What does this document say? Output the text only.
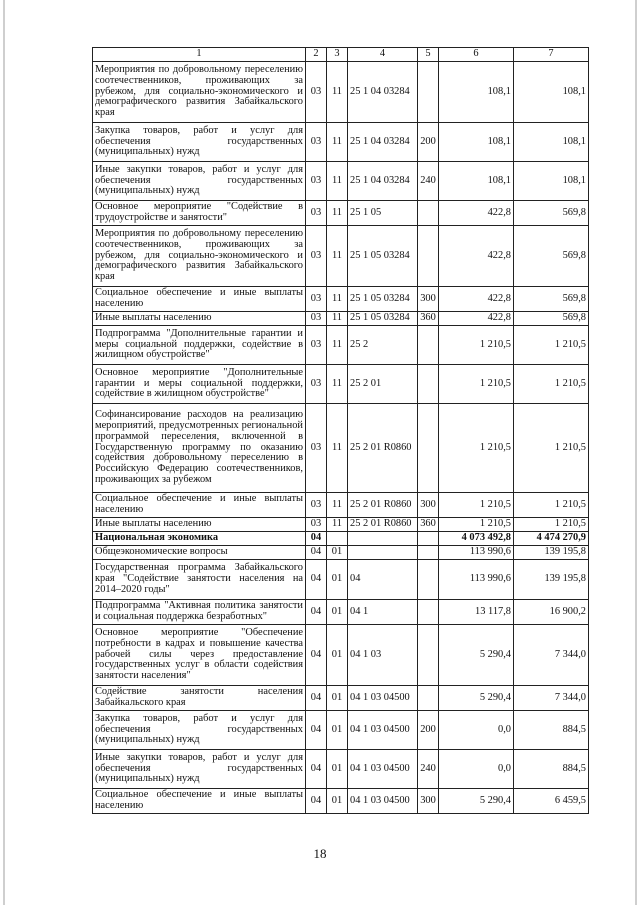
1	2	3	4	5	6	7
Мероприятия по добровольному переселению соотечественников, проживающих за рубежом, для социально-экономического и демографического развития Забайкальского края	03	11	25 1 04 03284		108,1	108,1
Закупка товаров, работ и услуг для обеспечения государственных (муниципальных) нужд	03	11	25 1 04 03284	200	108,1	108,1
Иные закупки товаров, работ и услуг для обеспечения государственных (муниципальных) нужд	03	11	25 1 04 03284	240	108,1	108,1
Основное мероприятие "Содействие в трудоустройстве и занятости"	03	11	25 1 05		422,8	569,8
Мероприятия по добровольному переселению соотечественников, проживающих за рубежом, для социально-экономического и демографического развития Забайкальского края	03	11	25 1 05 03284		422,8	569,8
Социальное обеспечение и иные выплаты населению	03	11	25 1 05 03284	300	422,8	569,8
Иные выплаты населению	03	11	25 1 05 03284	360	422,8	569,8
Подпрограмма "Дополнительные гарантии и меры социальной поддержки, содействие в жилищном обустройстве"	03	11	25 2		1 210,5	1 210,5
Основное мероприятие "Дополнительные гарантии и меры социальной поддержки, содействие в жилищном обустройстве"	03	11	25 2 01		1 210,5	1 210,5
Софинансирование расходов на реализацию мероприятий, предусмотренных региональной программой переселения, включенной в Государственную программу по оказанию содействия добровольному переселению в Российскую Федерацию соотечественников, проживающих за рубежом	03	11	25 2 01 R0860		1 210,5	1 210,5
Социальное обеспечение и иные выплаты населению	03	11	25 2 01 R0860	300	1 210,5	1 210,5
Иные выплаты населению	03	11	25 2 01 R0860	360	1 210,5	1 210,5
Национальная экономика	04				4 073 492,8	4 474 270,9
Общеэкономические вопросы	04	01			113 990,6	139 195,8
Государственная программа Забайкальского края "Содействие занятости населения на 2014–2020 годы"	04	01	04		113 990,6	139 195,8
Подпрограмма "Активная политика занятости и социальная поддержка безработных"	04	01	04 1		13 117,8	16 900,2
Основное мероприятие "Обеспечение потребности в кадрах и повышение качества рабочей силы через предоставление государственных услуг в области содействия занятости населения"	04	01	04 1 03		5 290,4	7 344,0
Содействие занятости населения Забайкальского края	04	01	04 1 03 04500		5 290,4	7 344,0
Закупка товаров, работ и услуг для обеспечения государственных (муниципальных) нужд	04	01	04 1 03 04500	200	0,0	884,5
Иные закупки товаров, работ и услуг для обеспечения государственных (муниципальных) нужд	04	01	04 1 03 04500	240	0,0	884,5
Социальное обеспечение и иные выплаты населению	04	01	04 1 03 04500	300	5 290,4	6 459,5
18
